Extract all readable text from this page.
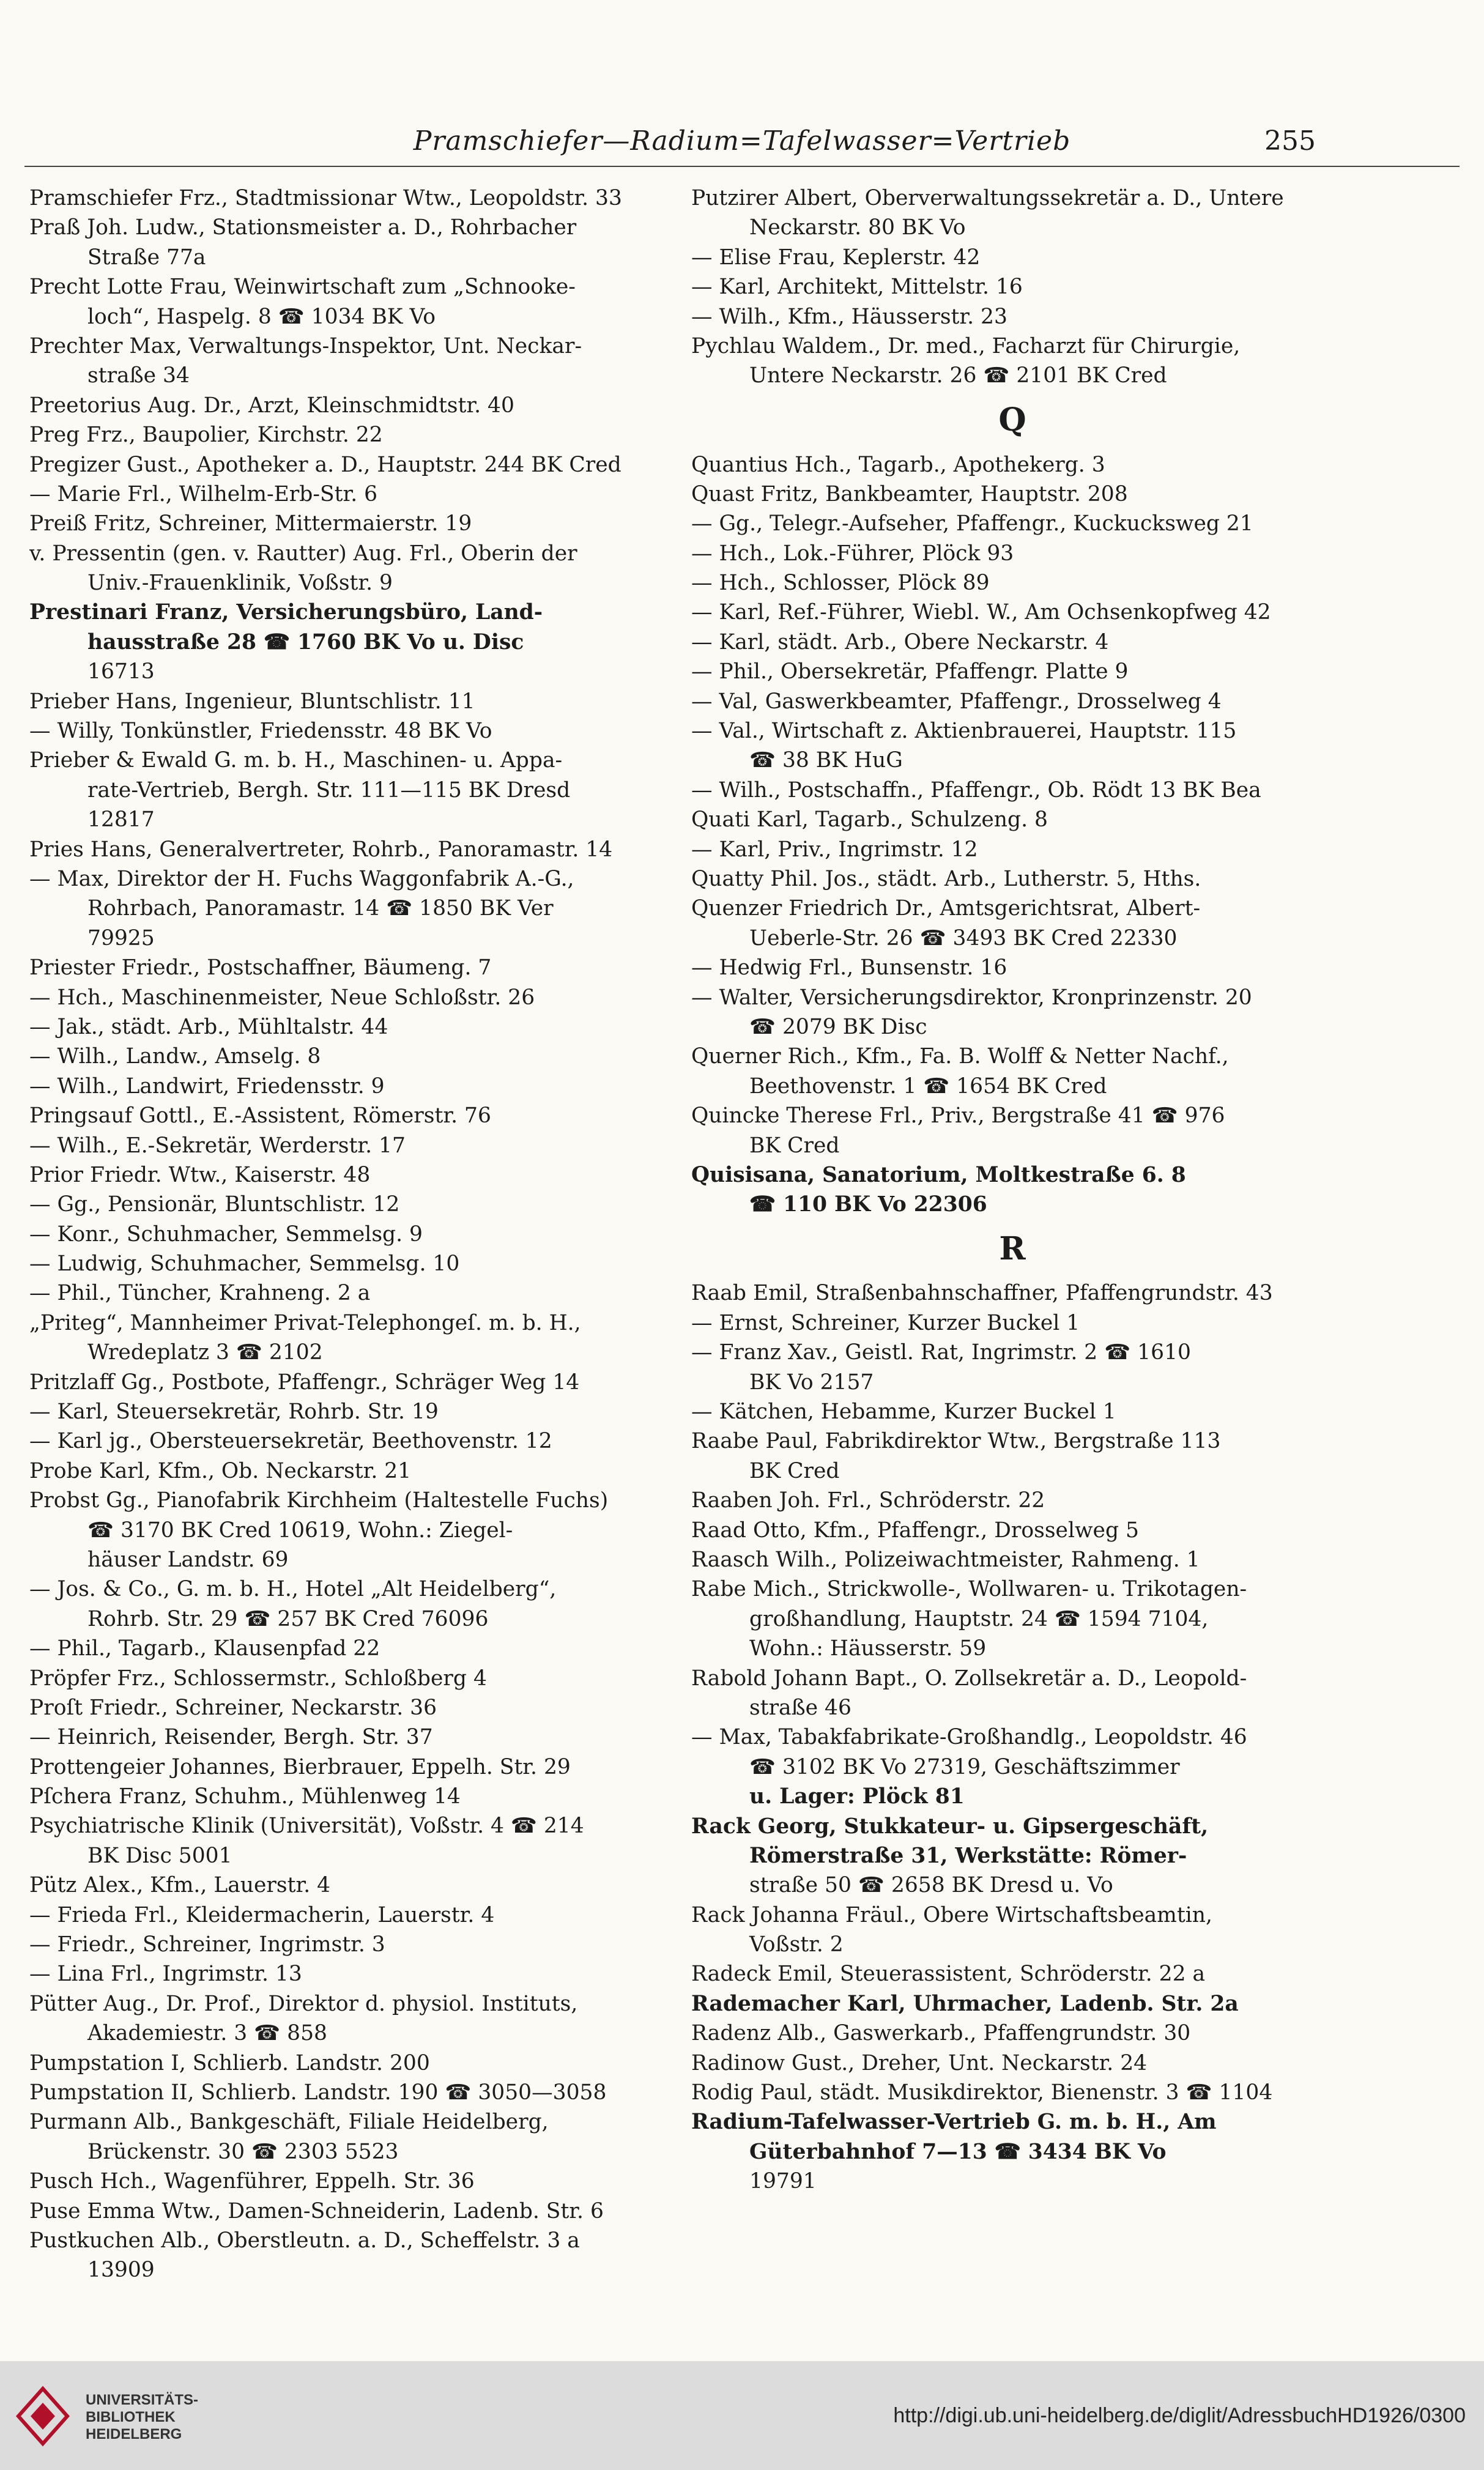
Pramschiefer—Radium=Tafelwasser=Vertrieb	255
Pramschiefer Frz., Stadtmissionar Wtw., Leopoldstr. 33
Praß Joh. Ludw., Stationsmeister a. D., Rohrbacher
Straße 77a
Precht Lotte Frau, Weinwirtschaft zum „Schnooke-
loch“, Haspelg. 8 ☎ 1034 BK Vo
Prechter Max, Verwaltungs-Inspektor, Unt. Neckar-
straße 34
Preetorius Aug. Dr., Arzt, Kleinschmidtstr. 40
Preg Frz., Baupolier, Kirchstr. 22
Pregizer Gust., Apotheker a. D., Hauptstr. 244 BK Cred
— Marie Frl., Wilhelm-Erb-Str. 6
Preiß Fritz, Schreiner, Mittermaierstr. 19
v. Pressentin (gen. v. Rautter) Aug. Frl., Oberin der
Univ.-Frauenklinik, Voßstr. 9
Prestinari Franz, Versicherungsbüro, Land-
hausstraße 28 ☎ 1760 BK Vo u. Disc
16713
Prieber Hans, Ingenieur, Bluntschlistr. 11
— Willy, Tonkünstler, Friedensstr. 48 BK Vo
Prieber & Ewald G. m. b. H., Maschinen- u. Appa-
rate-Vertrieb, Bergh. Str. 111—115 BK Dresd
12817
Pries Hans, Generalvertreter, Rohrb., Panoramastr. 14
— Max, Direktor der H. Fuchs Waggonfabrik A.-G.,
Rohrbach, Panoramastr. 14 ☎ 1850 BK Ver
79925
Priester Friedr., Postschaffner, Bäumeng. 7
— Hch., Maschinenmeister, Neue Schloßstr. 26
— Jak., städt. Arb., Mühltalstr. 44
— Wilh., Landw., Amselg. 8
— Wilh., Landwirt, Friedensstr. 9
Pringsauf Gottl., E.-Assistent, Römerstr. 76
— Wilh., E.-Sekretär, Werderstr. 17
Prior Friedr. Wtw., Kaiserstr. 48
— Gg., Pensionär, Bluntschlistr. 12
— Konr., Schuhmacher, Semmelsg. 9
— Ludwig, Schuhmacher, Semmelsg. 10
— Phil., Tüncher, Krahneng. 2 a
„Priteg“, Mannheimer Privat-Telephongeſ. m. b. H.,
Wredeplatz 3 ☎ 2102
Pritzlaff Gg., Postbote, Pfaffengr., Schräger Weg 14
— Karl, Steuersekretär, Rohrb. Str. 19
— Karl jg., Obersteuersekretär, Beethovenstr. 12
Probe Karl, Kfm., Ob. Neckarstr. 21
Probst Gg., Pianofabrik Kirchheim (Haltestelle Fuchs)
☎ 3170 BK Cred 10619, Wohn.: Ziegel-
häuser Landstr. 69
— Jos. & Co., G. m. b. H., Hotel „Alt Heidelberg“,
Rohrb. Str. 29 ☎ 257 BK Cred 76096
— Phil., Tagarb., Klausenpfad 22
Pröpfer Frz., Schlossermstr., Schloßberg 4
Proſt Friedr., Schreiner, Neckarstr. 36
— Heinrich, Reisender, Bergh. Str. 37
Prottengeier Johannes, Bierbrauer, Eppelh. Str. 29
Pſchera Franz, Schuhm., Mühlenweg 14
Psychiatrische Klinik (Universität), Voßstr. 4 ☎ 214
BK Disc 5001
Pütz Alex., Kfm., Lauerstr. 4
— Frieda Frl., Kleidermacherin, Lauerstr. 4
— Friedr., Schreiner, Ingrimstr. 3
— Lina Frl., Ingrimstr. 13
Pütter Aug., Dr. Prof., Direktor d. physiol. Instituts,
Akademiestr. 3 ☎ 858
Pumpstation I, Schlierb. Landstr. 200
Pumpstation II, Schlierb. Landstr. 190 ☎ 3050—3058
Purmann Alb., Bankgeschäft, Filiale Heidelberg,
Brückenstr. 30 ☎ 2303 5523
Pusch Hch., Wagenführer, Eppelh. Str. 36
Puse Emma Wtw., Damen-Schneiderin, Ladenb. Str. 6
Pustkuchen Alb., Oberstleutn. a. D., Scheffelstr. 3 a
13909
Putzirer Albert, Oberverwaltungssekretär a. D., Untere
Neckarstr. 80 BK Vo
— Elise Frau, Keplerstr. 42
— Karl, Architekt, Mittelstr. 16
— Wilh., Kfm., Häusserstr. 23
Pychlau Waldem., Dr. med., Facharzt für Chirurgie,
Untere Neckarstr. 26 ☎ 2101 BK Cred
Q
Quantius Hch., Tagarb., Apothekerg. 3
Quast Fritz, Bankbeamter, Hauptstr. 208
— Gg., Telegr.-Aufseher, Pfaffengr., Kuckucksweg 21
— Hch., Lok.-Führer, Plöck 93
— Hch., Schlosser, Plöck 89
— Karl, Ref.-Führer, Wiebl. W., Am Ochsenkopfweg 42
— Karl, städt. Arb., Obere Neckarstr. 4
— Phil., Obersekretär, Pfaffengr. Platte 9
— Val, Gaswerkbeamter, Pfaffengr., Drosselweg 4
— Val., Wirtschaft z. Aktienbrauerei, Hauptstr. 115
☎ 38 BK HuG
— Wilh., Postschaffn., Pfaffengr., Ob. Rödt 13 BK Bea
Quati Karl, Tagarb., Schulzeng. 8
— Karl, Priv., Ingrimstr. 12
Quatty Phil. Jos., städt. Arb., Lutherstr. 5, Hths.
Quenzer Friedrich Dr., Amtsgerichtsrat, Albert-
Ueberle-Str. 26 ☎ 3493 BK Cred 22330
— Hedwig Frl., Bunsenstr. 16
— Walter, Versicherungsdirektor, Kronprinzenstr. 20
☎ 2079 BK Disc
Querner Rich., Kfm., Fa. B. Wolff & Netter Nachf.,
Beethovenstr. 1 ☎ 1654 BK Cred
Quincke Therese Frl., Priv., Bergstraße 41 ☎ 976
BK Cred
Quisisana, Sanatorium, Moltkestraße 6. 8
☎ 110 BK Vo 22306
R
Raab Emil, Straßenbahnschaffner, Pfaffengrundstr. 43
— Ernst, Schreiner, Kurzer Buckel 1
— Franz Xav., Geistl. Rat, Ingrimstr. 2 ☎ 1610
BK Vo 2157
— Kätchen, Hebamme, Kurzer Buckel 1
Raabe Paul, Fabrikdirektor Wtw., Bergstraße 113
BK Cred
Raaben Joh. Frl., Schröderstr. 22
Raad Otto, Kfm., Pfaffengr., Drosselweg 5
Raasch Wilh., Polizeiwachtmeister, Rahmeng. 1
Rabe Mich., Strickwolle-, Wollwaren- u. Trikotagen-
großhandlung, Hauptstr. 24 ☎ 1594 7104,
Wohn.: Häusserstr. 59
Rabold Johann Bapt., O. Zollsekretär a. D., Leopold-
straße 46
— Max, Tabakfabrikate-Großhandlg., Leopoldstr. 46
☎ 3102 BK Vo 27319, Geschäftszimmer
u. Lager: Plöck 81
Rack Georg, Stukkateur- u. Gipsergeschäft,
Römerstraße 31, Werkstätte: Römer-
straße 50 ☎ 2658 BK Dresd u. Vo
Rack Johanna Fräul., Obere Wirtschaftsbeamtin,
Voßstr. 2
Radeck Emil, Steuerassistent, Schröderstr. 22 a
Rademacher Karl, Uhrmacher, Ladenb. Str. 2a
Radenz Alb., Gaswerkarb., Pfaffengrundstr. 30
Radinow Gust., Dreher, Unt. Neckarstr. 24
Rodig Paul, städt. Musikdirektor, Bienenstr. 3 ☎ 1104
Radium-Tafelwasser-Vertrieb G. m. b. H., Am
Güterbahnhof 7—13 ☎ 3434 BK Vo
19791
UNIVERSITÄTS-
BIBLIOTHEK
HEIDELBERG
http://digi.ub.uni-heidelberg.de/diglit/AdressbuchHD1926/0300
